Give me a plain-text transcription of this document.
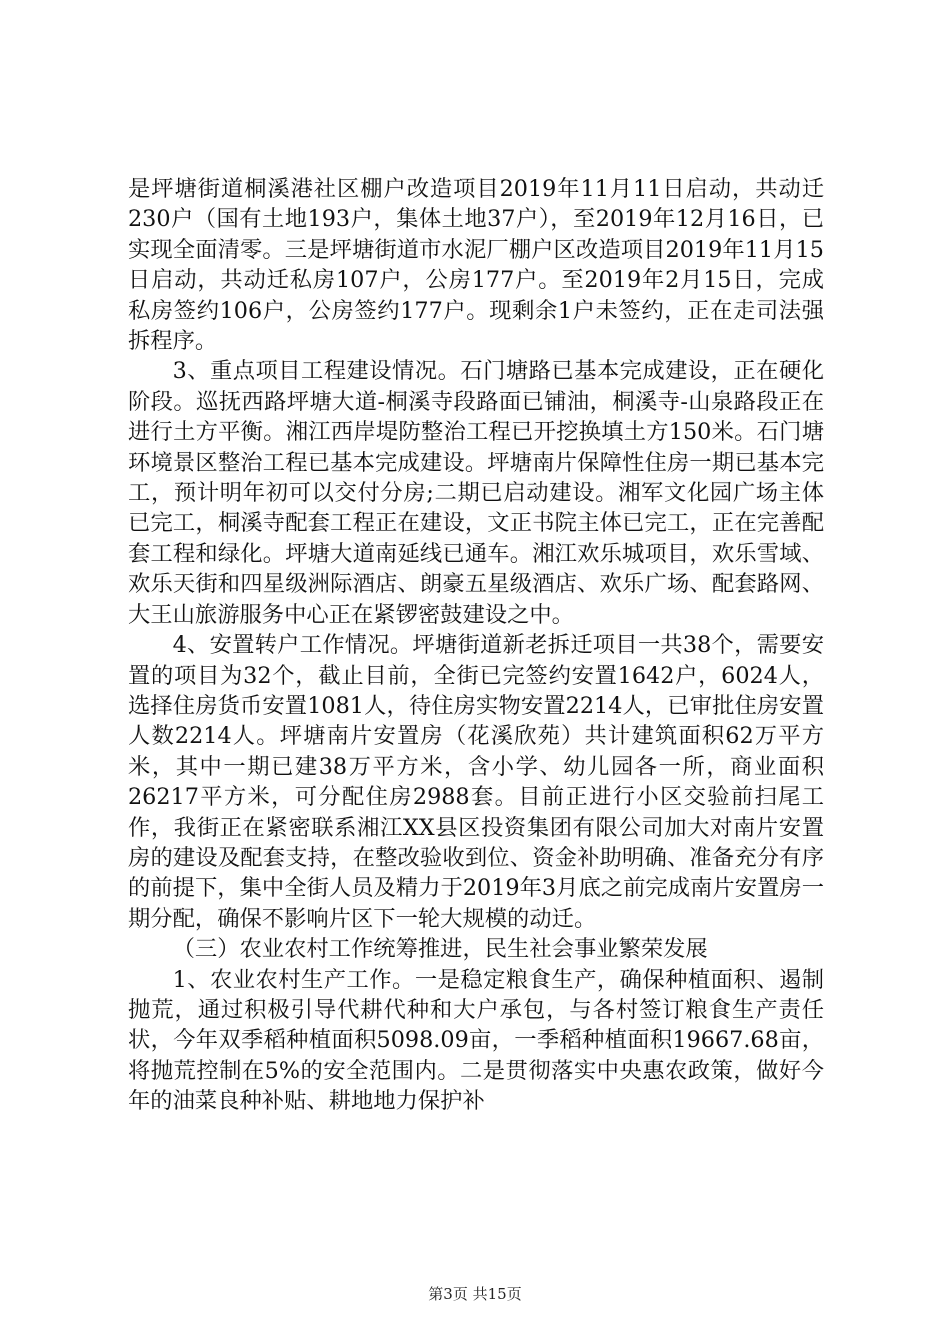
是坪塘街道桐溪港社区棚户改造项目2019年11月11日启动，共动迁230户（国有土地193户，集体土地37户），至2019年12月16日，已实现全面清零。三是坪塘街道市水泥厂棚户区改造项目2019年11月15日启动，共动迁私房107户，公房177户。至2019年2月15日，完成私房签约106户，公房签约177户。现剩余1户未签约，正在走司法强拆程序。

3、重点项目工程建设情况。石门塘路已基本完成建设，正在硬化阶段。巡抚西路坪塘大道-桐溪寺段路面已铺油，桐溪寺-山泉路段正在进行土方平衡。湘江西岸堤防整治工程已开挖换填土方150米。石门塘环境景区整治工程已基本完成建设。坪塘南片保障性住房一期已基本完工，预计明年初可以交付分房;二期已启动建设。湘军文化园广场主体已完工，桐溪寺配套工程正在建设，文正书院主体已完工，正在完善配套工程和绿化。坪塘大道南延线已通车。湘江欢乐城项目，欢乐雪域、欢乐天街和四星级洲际酒店、朗豪五星级酒店、欢乐广场、配套路网、大王山旅游服务中心正在紧锣密鼓建设之中。

4、安置转户工作情况。坪塘街道新老拆迁项目一共38个，需要安置的项目为32个，截止目前，全街已完签约安置1642户，6024人，选择住房货币安置1081人，待住房实物安置2214人，已审批住房安置人数2214人。坪塘南片安置房（花溪欣苑）共计建筑面积62万平方米，其中一期已建38万平方米，含小学、幼儿园各一所，商业面积26217平方米，可分配住房2988套。目前正进行小区交验前扫尾工作，我街正在紧密联系湘江XX县区投资集团有限公司加大对南片安置房的建设及配套支持，在整改验收到位、资金补助明确、准备充分有序的前提下，集中全街人员及精力于2019年3月底之前完成南片安置房一期分配，确保不影响片区下一轮大规模的动迁。

（三）农业农村工作统筹推进，民生社会事业繁荣发展

1、农业农村生产工作。一是稳定粮食生产，确保种植面积、遏制抛荒，通过积极引导代耕代种和大户承包，与各村签订粮食生产责任状，今年双季稻种植面积5098.09亩，一季稻种植面积19667.68亩，将抛荒控制在5%的安全范围内。二是贯彻落实中央惠农政策，做好今年的油菜良种补贴、耕地地力保护补

第3页 共15页
